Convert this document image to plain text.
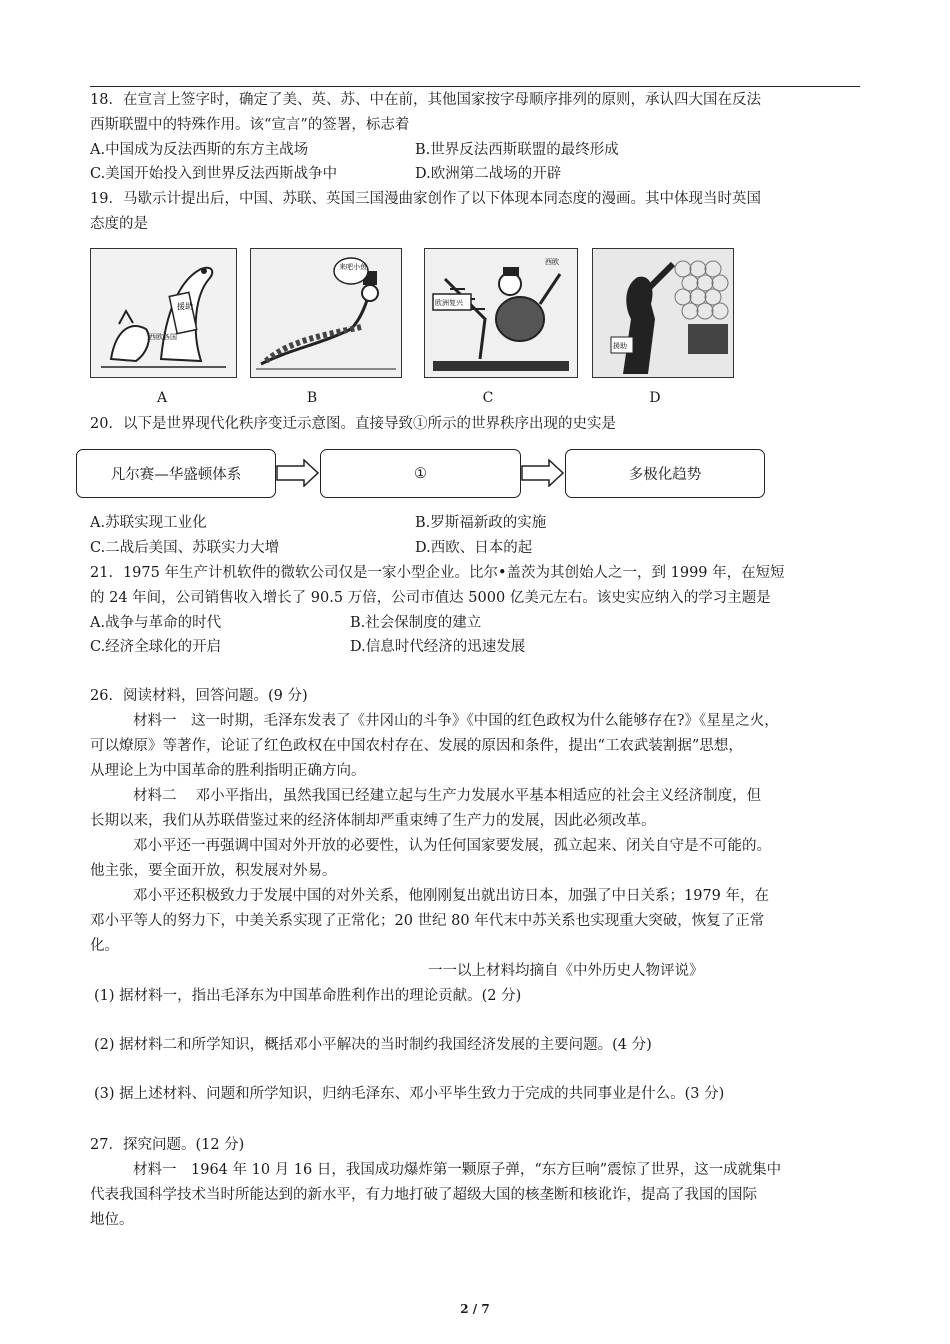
18．在宣言上签字时，确定了美、英、苏、中在前，其他国家按字母顺序排列的原则，承认四大国在反法
西斯联盟中的特殊作用。该“宣言”的签署，标志着
A.中国成为反法西斯的东方主战场	B.世界反法西斯联盟的最终形成
C.美国开始投入到世界反法西斯战争中	D.欧洲第二战场的开辟
19．马歇示计提出后，中国、苏联、英国三国漫曲家创作了以下体现本同态度的漫画。其中体现当时英国
态度的是
援助
西欧各国
来吧小鱼
欧洲复兴
西欧
援助
A	B	C	D
20．以下是世界现代化秩序变迁示意图。直接导致①所示的世界秩序出现的史实是
凡尔赛—华盛顿体系	①	多极化趋势
A.苏联实现工业化	B.罗斯福新政的实施
C.二战后美国、苏联实力大增	D.西欧、日本的起
21．1975 年生产计机软件的微软公司仅是一家小型企业。比尔•盖茨为其创始人之一，到 1999 年，在短短
的 24 年间，公司销售收入增长了 90.5 万倍，公司市值达 5000 亿美元左右。该史实应纳入的学习主题是
A.战争与革命的时代	B.社会保制度的建立
C.经济全球化的开启	D.信息时代经济的迅速发展
26．阅读材料，回答问题。(9 分)
材料一　这一时期，毛泽东发表了《井冈山的斗争》《中国的红色政权为什么能够存在?》《星星之火，
可以燎原》等著作，论证了红色政权在中国农村存在、发展的原因和条件，提出“工农武装割据”思想，
从理论上为中国革命的胜利指明正确方向。
材料二　 邓小平指出，虽然我国已经建立起与生产力发展水平基本相适应的社会主义经济制度，但
长期以来，我们从苏联借鉴过来的经济体制却严重束缚了生产力的发展，因此必须改革。
邓小平还一再强调中国对外开放的必要性，认为任何国家要发展，孤立起来、闭关自守是不可能的。
他主张，要全面开放，积发展对外易。
邓小平还积极致力于发展中国的对外关系，他刚刚复出就出访日本，加强了中日关系；1979 年，在
邓小平等人的努力下，中美关系实现了正常化；20 世纪 80 年代末中苏关系也实现重大突破，恢复了正常
化。
一一以上材料均摘自《中外历史人物评说》
(1) 据材料一，指出毛泽东为中国革命胜利作出的理论贡献。(2 分)
(2) 据材料二和所学知识，概括邓小平解决的当时制约我国经济发展的主要问题。(4 分)
(3) 据上述材料、问题和所学知识，归纳毛泽东、邓小平毕生致力于完成的共同事业是什么。(3 分)
27．探究问题。(12 分)
材料一　1964 年 10 月 16 日，我国成功爆炸第一颗原子弹，“东方巨响”震惊了世界，这一成就集中
代表我国科学技术当时所能达到的新水平，有力地打破了超级大国的核垄断和核讹诈，提高了我国的国际
地位。
2 / 7
